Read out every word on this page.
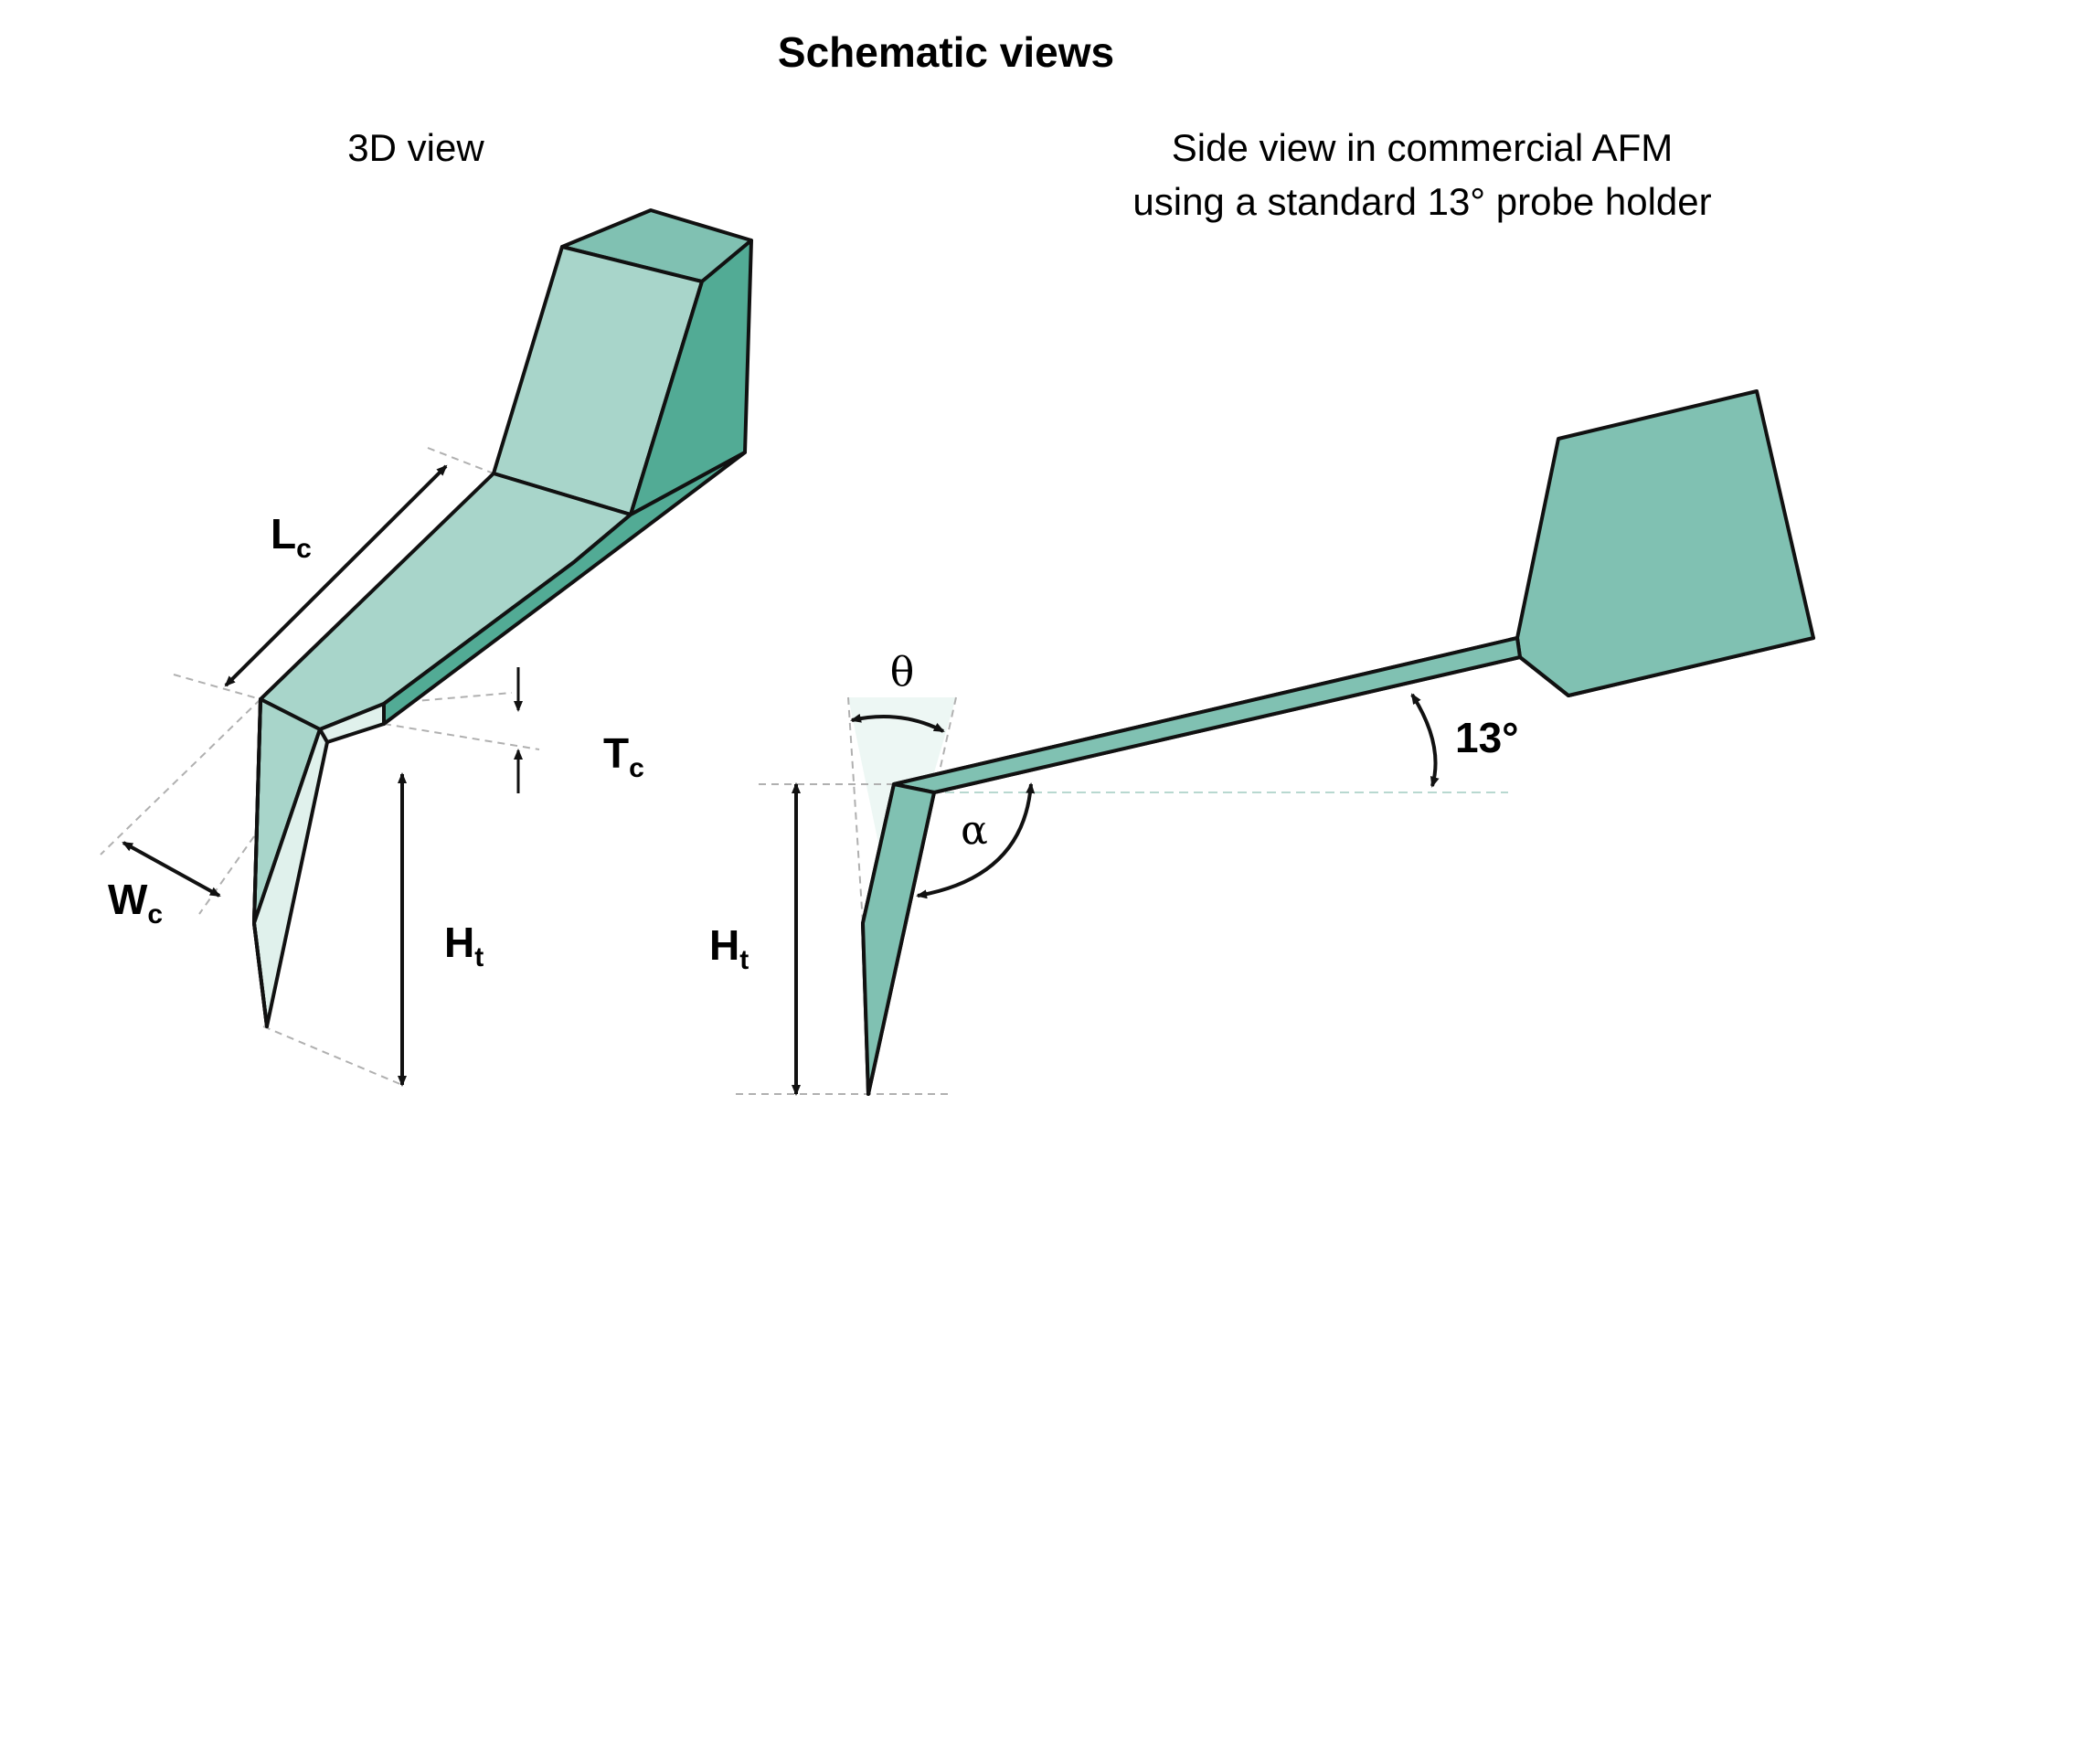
Schematic views
3D view	Side view in commercial AFM
using a standard 13° probe holder
$L_c$
$T_c$
$W_c$
$H_t$
θ
α
13°
$H_t$
